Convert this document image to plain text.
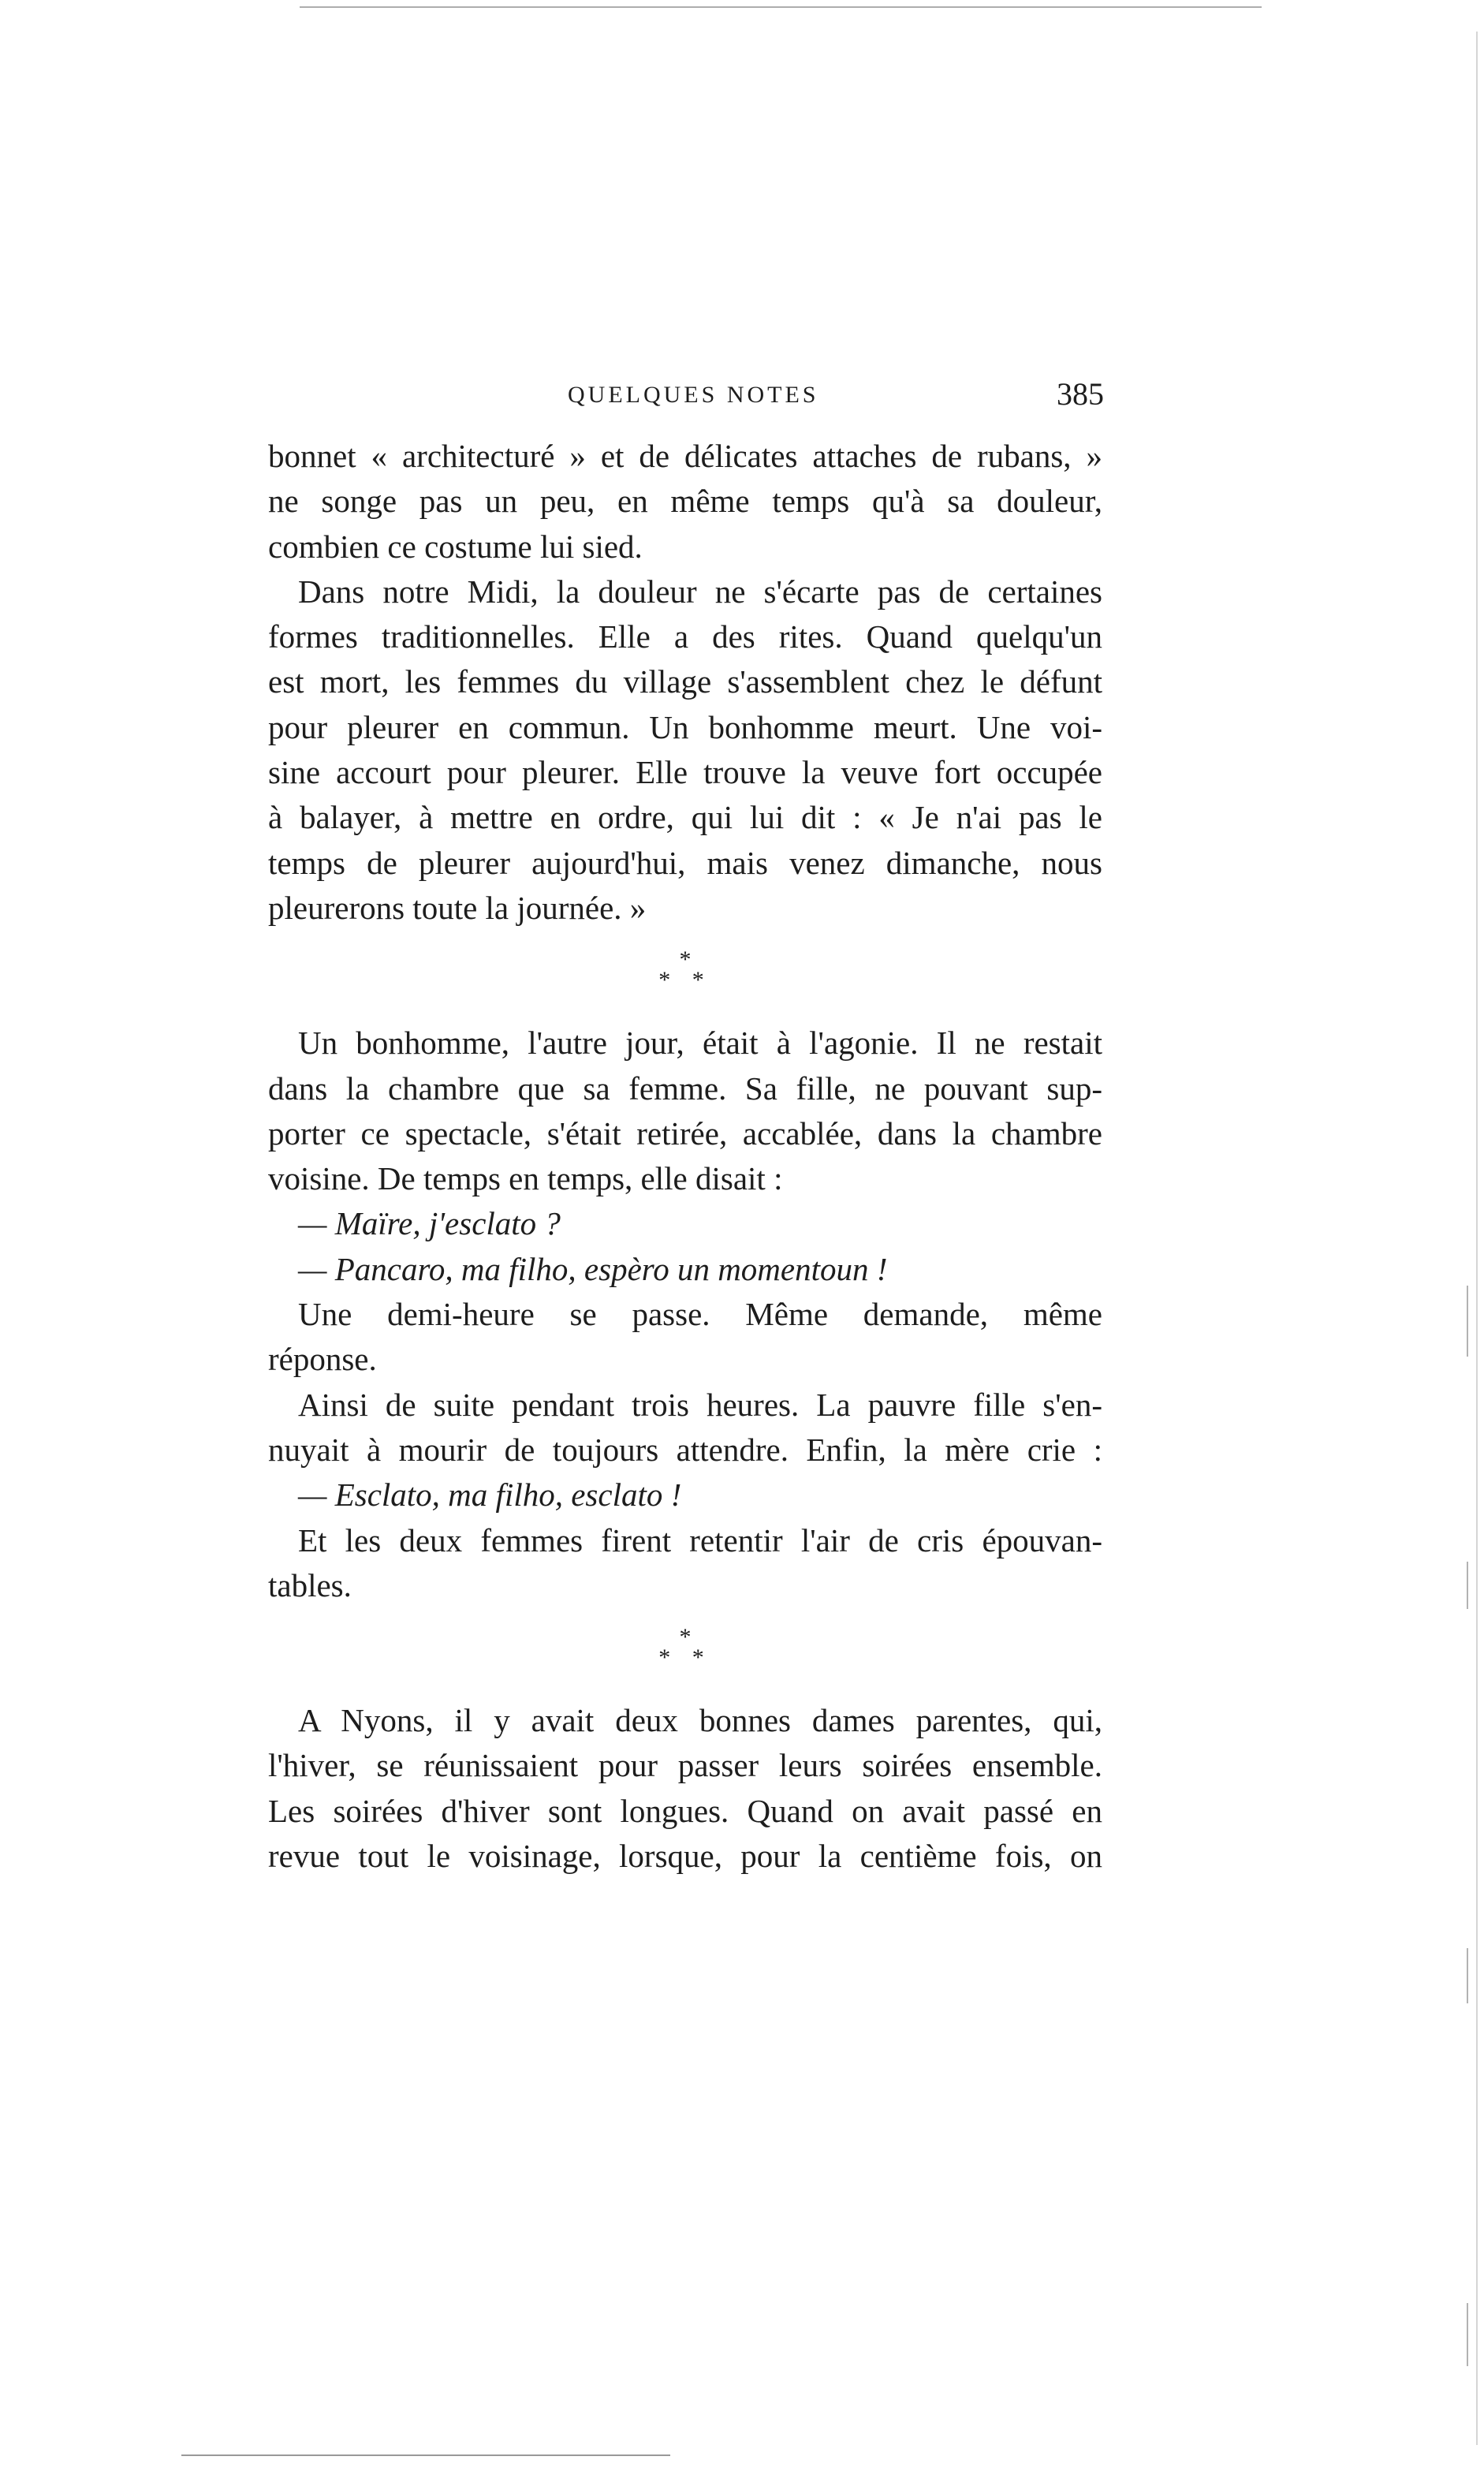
QUELQUES NOTES	385
bonnet « architecturé » et de délicates attaches de rubans, »
ne songe pas un peu, en même temps qu'à sa douleur,
combien ce costume lui sied.
Dans notre Midi, la douleur ne s'écarte pas de certaines
formes traditionnelles. Elle a des rites. Quand quelqu'un
est mort, les femmes du village s'assemblent chez le défunt
pour pleurer en commun. Un bonhomme meurt. Une voi-
sine accourt pour pleurer. Elle trouve la veuve fort occupée
à balayer, à mettre en ordre, qui lui dit : « Je n'ai pas le
temps de pleurer aujourd'hui, mais venez dimanche, nous
pleurerons toute la journée. »
*
* *
Un bonhomme, l'autre jour, était à l'agonie. Il ne restait
dans la chambre que sa femme. Sa fille, ne pouvant sup-
porter ce spectacle, s'était retirée, accablée, dans la chambre
voisine. De temps en temps, elle disait :
— Maïre, j'esclato ?
— Pancaro, ma filho, espèro un momentoun !
Une demi-heure se passe. Même demande, même
réponse.
Ainsi de suite pendant trois heures. La pauvre fille s'en-
nuyait à mourir de toujours attendre. Enfin, la mère crie :
— Esclato, ma filho, esclato !
Et les deux femmes firent retentir l'air de cris épouvan-
tables.
*
* *
A Nyons, il y avait deux bonnes dames parentes, qui,
l'hiver, se réunissaient pour passer leurs soirées ensemble.
Les soirées d'hiver sont longues. Quand on avait passé en
revue tout le voisinage, lorsque, pour la centième fois, on
